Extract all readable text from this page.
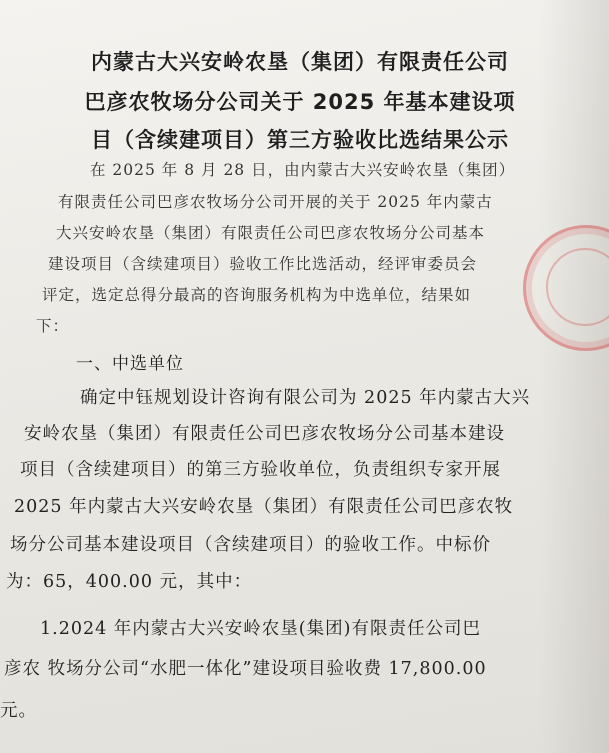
内蒙古大兴安岭农垦（集团）有限责任公司
巴彦农牧场分公司关于 2025 年基本建设项
目（含续建项目）第三方验收比选结果公示
在 2025 年 8 月 28 日，由内蒙古大兴安岭农垦（集团）
有限责任公司巴彦农牧场分公司开展的关于 2025 年内蒙古
大兴安岭农垦（集团）有限责任公司巴彦农牧场分公司基本
建设项目（含续建项目）验收工作比选活动，经评审委员会
评定，选定总得分最高的咨询服务机构为中选单位，结果如
下：
一、中选单位
确定中钰规划设计咨询有限公司为 2025 年内蒙古大兴
安岭农垦（集团）有限责任公司巴彦农牧场分公司基本建设
项目（含续建项目）的第三方验收单位，负责组织专家开展
2025 年内蒙古大兴安岭农垦（集团）有限责任公司巴彦农牧
场分公司基本建设项目（含续建项目）的验收工作。中标价
为：65，400.00 元，其中：
1.2024 年内蒙古大兴安岭农垦(集团)有限责任公司巴
彦农 牧场分公司“水肥一体化”建设项目验收费 17,800.00
元。
